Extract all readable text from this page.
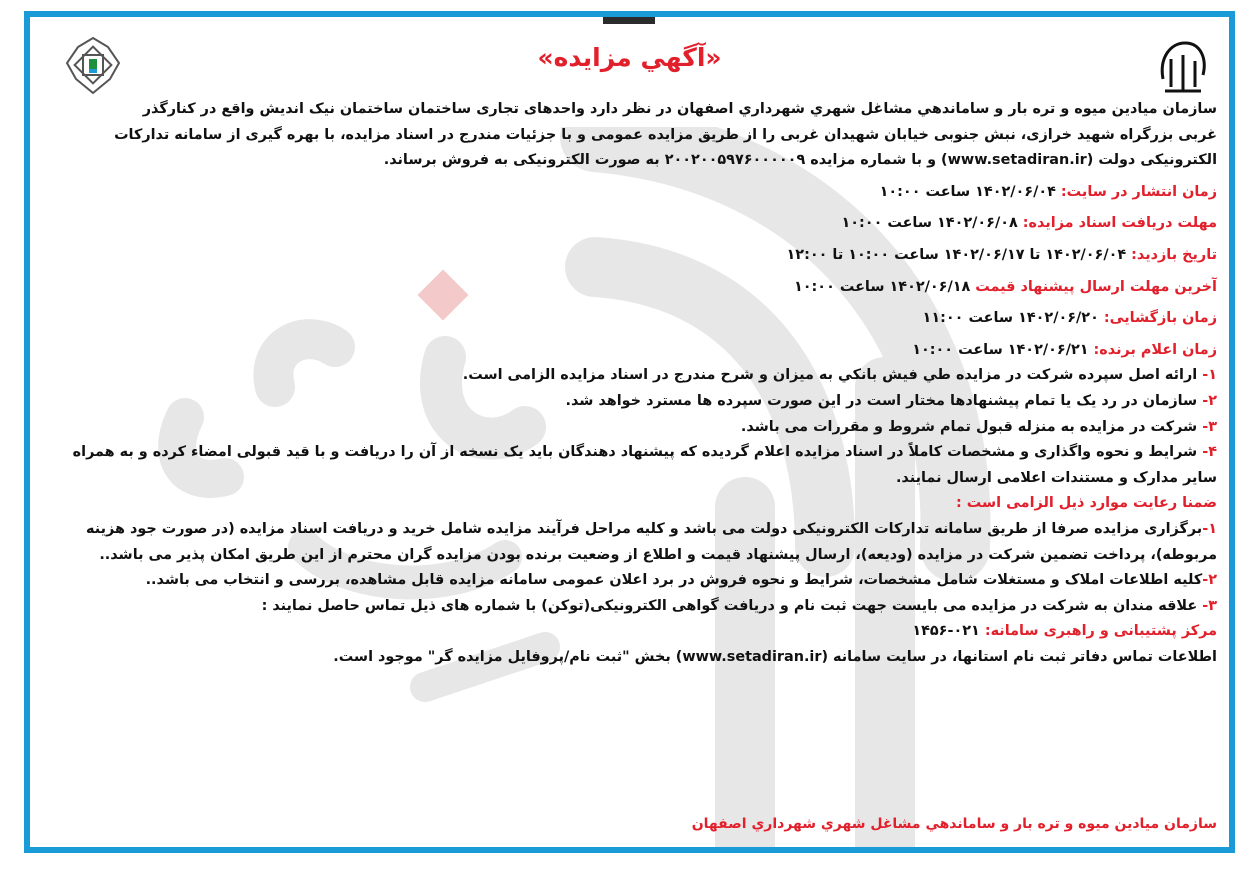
«آگهي مزايده»

سازمان ميادين ميوه و تره بار و ساماندهي مشاغل شهري شهرداري اصفهان در نظر دارد واحدهای تجاری ساختمان ساختمان نيک انديش واقع در کنارگذر

غربی بزرگراه شهيد خرازی، نبش جنوبی خيابان شهيدان غربی را از طريق مزايده عمومی و با جزئيات مندرج در اسناد مزايده، با بهره گيری از سامانه تدارکات

الکترونيکی دولت (www.setadiran.ir) و با شماره مزايده ۲۰۰۲۰۰۵۹۷۶۰۰۰۰۰۹ به صورت الکترونيکی به فروش برساند.

زمان انتشار در سايت: ۱۴۰۲/۰۶/۰۴ ساعت ۱۰:۰۰

مهلت دريافت اسناد مزايده: ۱۴۰۲/۰۶/۰۸ ساعت ۱۰:۰۰

تاريخ بازديد: ۱۴۰۲/۰۶/۰۴ تا ۱۴۰۲/۰۶/۱۷ ساعت ۱۰:۰۰ تا ۱۲:۰۰

آخرين مهلت ارسال پيشنهاد قيمت ۱۴۰۲/۰۶/۱۸ ساعت ۱۰:۰۰

زمان بازگشايی: ۱۴۰۲/۰۶/۲۰ ساعت ۱۱:۰۰

زمان اعلام برنده: ۱۴۰۲/۰۶/۲۱ ساعت ۱۰:۰۰

۱- ارائه اصل سپرده شرکت در مزايده طي فيش بانکي به ميزان و شرح مندرج در اسناد مزايده الزامی است.

۲- سازمان در رد يک يا تمام پيشنهادها مختار است در اين صورت سپرده ها مسترد خواهد شد.

۳- شرکت در مزايده به منزله قبول تمام شروط و مقررات می باشد.

۴- شرايط و نحوه واگذاری و مشخصات کاملاً در اسناد مزايده اعلام گرديده که پيشنهاد دهندگان بايد يک نسخه از آن را دريافت و با قيد قبولی امضاء کرده و به همراه ساير مدارک و مستندات اعلامی ارسال نمايند.

ضمنا رعايت موارد ذيل الزامی است :

۱-برگزاری مزايده صرفا از طريق سامانه تدارکات الکترونيکی دولت می باشد و کليه مراحل فرآيند مزايده شامل خريد و دريافت اسناد مزايده (در صورت جود هزينه مربوطه)، پرداخت تضمين شرکت در مزايده (وديعه)، ارسال پيشنهاد قيمت و اطلاع از وضعيت برنده بودن مزايده گران محترم از اين طريق امکان پذير می باشد..

۲-کليه اطلاعات املاک و مستغلات شامل مشخصات، شرايط و نحوه فروش در برد اعلان عمومی سامانه مزايده قابل مشاهده، بررسی و انتخاب می باشد..

۳- علاقه مندان به شرکت در مزايده می بايست جهت ثبت نام و دريافت گواهی الکترونيکی(توکن) با شماره های ذيل تماس حاصل نمايند :

مرکز پشتيبانی و راهبری سامانه: ۰۲۱-۱۴۵۶

اطلاعات تماس دفاتر ثبت نام استانها، در سايت سامانه (www.setadiran.ir) بخش "ثبت نام/پروفايل مزايده گر" موجود است.

سازمان ميادين ميوه و تره بار و ساماندهي مشاغل شهري شهرداري اصفهان
